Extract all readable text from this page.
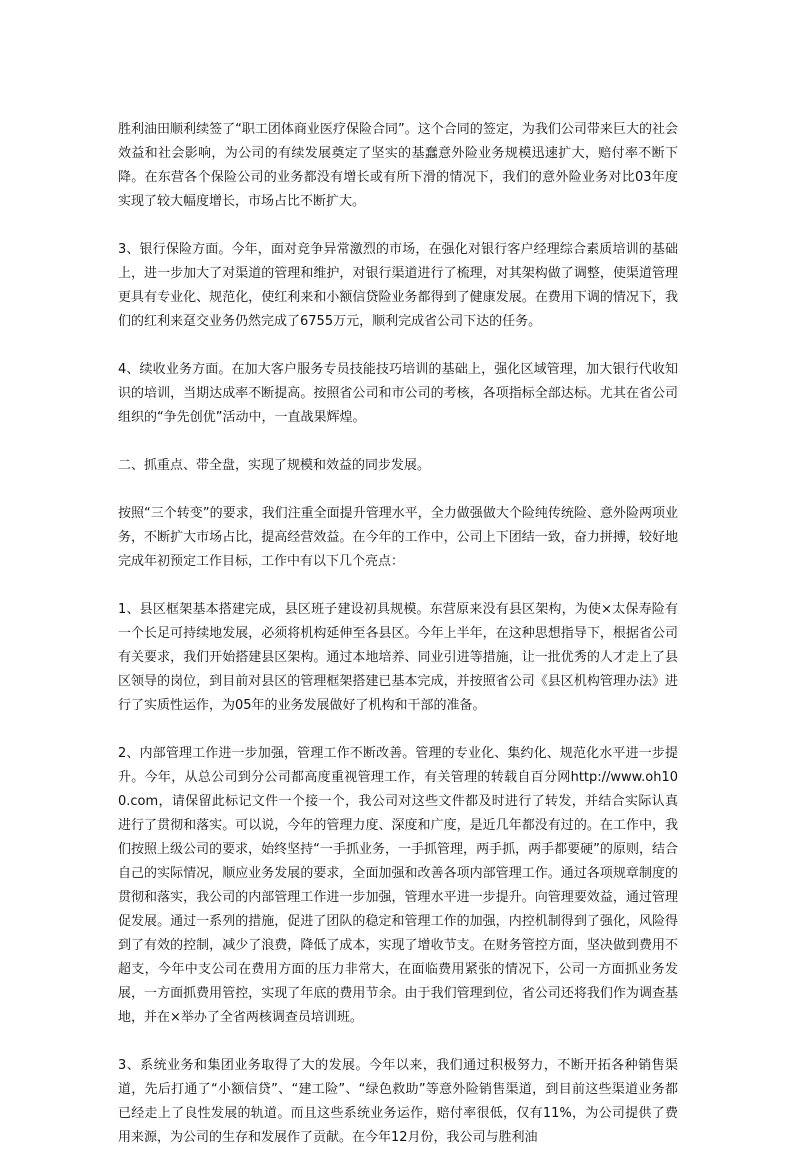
胜利油田顺利续签了“职工团体商业医疗保险合同”。这个合同的签定，为我们公司带来巨大的社会效益和社会影响，为公司的有续发展奠定了坚实的基蠢意外险业务规模迅速扩大，赔付率不断下降。在东营各个保险公司的业务都没有增长或有所下滑的情况下，我们的意外险业务对比03年度实现了较大幅度增长，市场占比不断扩大。

3、银行保险方面。今年，面对竞争异常激烈的市场，在强化对银行客户经理综合素质培训的基础上，进一步加大了对渠道的管理和维护，对银行渠道进行了梳理，对其架构做了调整，使渠道管理更具有专业化、规范化，使红利来和小额信贷险业务都得到了健康发展。在费用下调的情况下，我们的红利来趸交业务仍然完成了6755万元，顺利完成省公司下达的任务。

4、续收业务方面。在加大客户服务专员技能技巧培训的基础上，强化区域管理，加大银行代收知识的培训，当期达成率不断提高。按照省公司和市公司的考核，各项指标全部达标。尤其在省公司组织的“争先创优”活动中，一直战果辉煌。

二、抓重点、带全盘，实现了规模和效益的同步发展。

按照“三个转变”的要求，我们注重全面提升管理水平，全力做强做大个险纯传统险、意外险两项业务，不断扩大市场占比，提高经营效益。在今年的工作中，公司上下团结一致，奋力拼搏，较好地完成年初预定工作目标，工作中有以下几个亮点：

1、县区框架基本搭建完成，县区班子建设初具规模。东营原来没有县区架构，为使×太保寿险有一个长足可持续地发展，必须将机构延伸至各县区。今年上半年，在这种思想指导下，根据省公司有关要求，我们开始搭建县区架构。通过本地培养、同业引进等措施，让一批优秀的人才走上了县区领导的岗位，到目前对县区的管理框架搭建已基本完成，并按照省公司《县区机构管理办法》进行了实质性运作，为05年的业务发展做好了机构和干部的准备。

2、内部管理工作进一步加强，管理工作不断改善。管理的专业化、集约化、规范化水平进一步提升。今年，从总公司到分公司都高度重视管理工作，有关管理的转载自百分网http://www.oh100.com，请保留此标记文件一个接一个，我公司对这些文件都及时进行了转发，并结合实际认真进行了贯彻和落实。可以说，今年的管理力度、深度和广度，是近几年都没有过的。在工作中，我们按照上级公司的要求，始终坚持“一手抓业务，一手抓管理，两手抓，两手都要硬”的原则，结合自己的实际情况，顺应业务发展的要求，全面加强和改善各项内部管理工作。通过各项规章制度的贯彻和落实，我公司的内部管理工作进一步加强，管理水平进一步提升。向管理要效益，通过管理促发展。通过一系列的措施，促进了团队的稳定和管理工作的加强，内控机制得到了强化，风险得到了有效的控制，减少了浪费，降低了成本，实现了增收节支。在财务管控方面，坚决做到费用不超支，今年中支公司在费用方面的压力非常大，在面临费用紧张的情况下，公司一方面抓业务发展，一方面抓费用管控，实现了年底的费用节余。由于我们管理到位，省公司还将我们作为调查基地，并在×举办了全省两核调查员培训班。

3、系统业务和集团业务取得了大的发展。今年以来，我们通过积极努力，不断开拓各种销售渠道，先后打通了“小额信贷”、“建工险”、“绿色救助”等意外险销售渠道，到目前这些渠道业务都已经走上了良性发展的轨道。而且这些系统业务运作，赔付率很低，仅有11%，为公司提供了费用来源，为公司的生存和发展作了贡献。在今年12月份，我公司与胜利油
